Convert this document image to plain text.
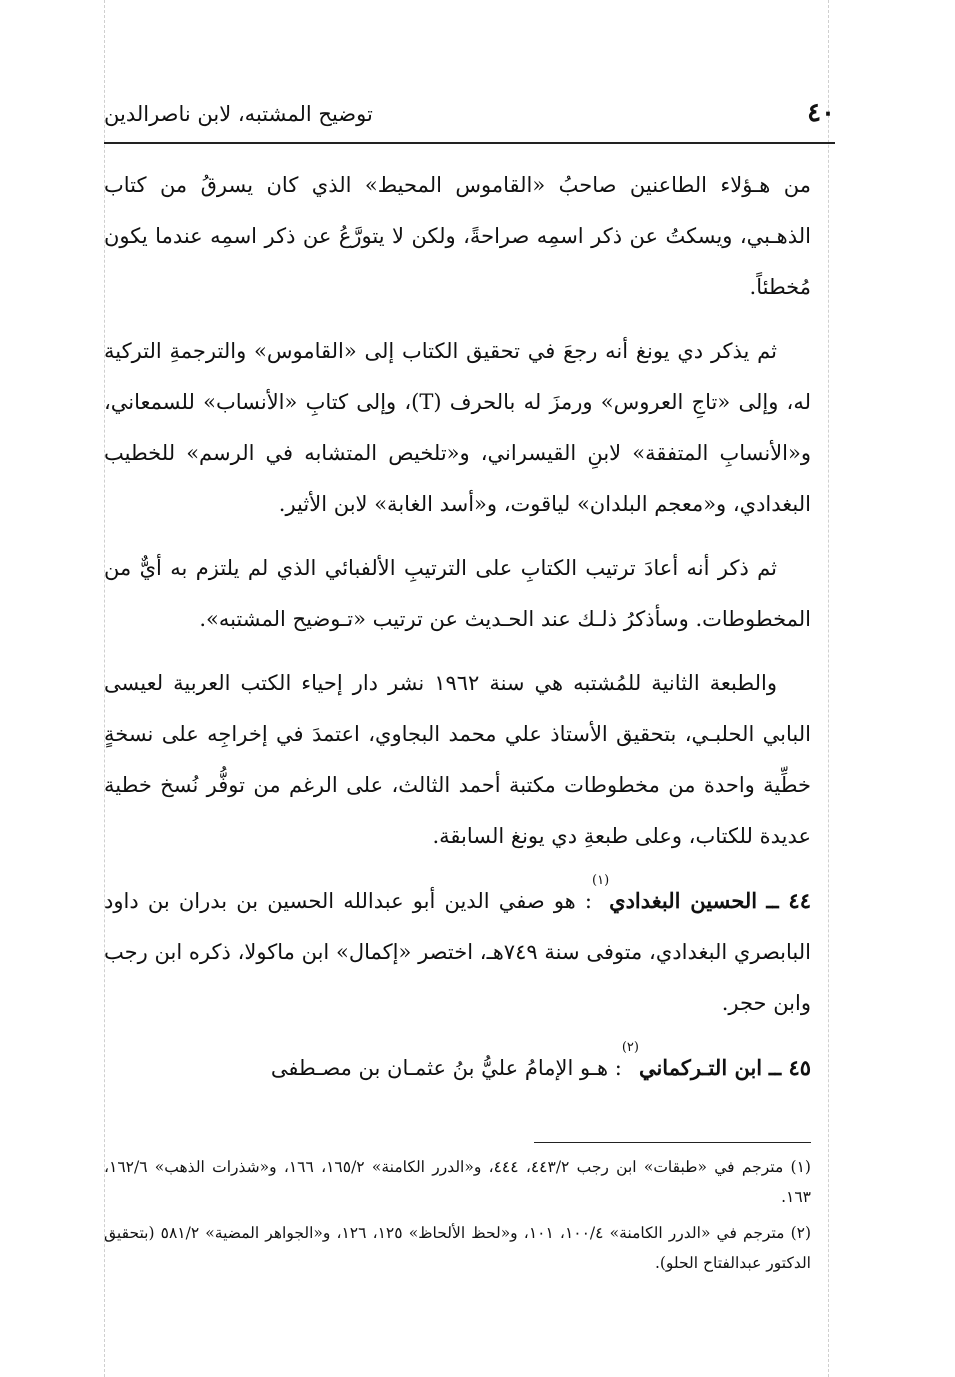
٤٠
توضيح المشتبه، لابن ناصرالدين

من هـؤلاء الطاعنين صاحبُ «القاموس المحيط» الذي كان يسرقُ من كتاب الذهـبي، ويسكتُ عن ذكر اسمِه صراحةً، ولكن لا يتورَّعُ عن ذكر اسمِه عندما يكون مُخطئاً.

ثم يذكر دي يونغ أنه رجعَ في تحقيق الكتاب إلى «القاموس» والترجمةِ التركية له، وإلى «تاجِ العروس» ورمزَ له بالحرف (T)، وإلى كتابِ «الأنساب» للسمعاني، و«الأنسابِ المتفقة» لابنِ القيسراني، و«تلخيص المتشابه في الرسم» للخطيب البغدادي، و«معجم البلدان» لياقوت، و«أسد الغابة» لابن الأثير.

ثم ذكر أنه أعادَ ترتيب الكتابِ على الترتيبِ الألفبائي الذي لم يلتزم به أيٌّ من المخطوطات. وسأذكرُ ذلـك عند الحـديث عن ترتيب «تـوضيح المشتبه».

والطبعة الثانية للمُشتبه هي سنة ١٩٦٢ نشر دار إحياء الكتب العربية لعيسى البابي الحلبـي، بتحقيق الأستاذ علي محمد البجاوي، اعتمدَ في إخراجِه على نسخةٍ خطِّية واحدة من مخطوطات مكتبة أحمد الثالث، على الرغم من توفُّر نُسخ خطية عديدة للكتاب، وعلى طبعةِ دي يونغ السابقة.

٤٤ ــ الحسين البغدادي$^{(١)}$: هو صفي الدين أبو عبدالله الحسين بن بدران بن داود البابصري البغدادي، متوفى سنة ٧٤٩هـ، اختصر «إكمال» ابن ماكولا، ذكره ابن رجب وابن حجر.

٤٥ ــ ابن التـركماني$^{(٢)}$: هـو الإمامُ عليُّ بنُ عثمـان بن مصـطفى

(١) مترجم في «طبقات» ابن رجب ٤٤٣/٢، ٤٤٤، و«الدرر الكامنة» ١٦٥/٢، ١٦٦، و«شذرات الذهب» ١٦٢/٦، ١٦٣.

(٢) مترجم في «الدرر الكامنة» ١٠٠/٤، ١٠١، و«لحظ الألحاظ» ١٢٥، ١٢٦، و«الجواهر المضية» ٥٨١/٢ (بتحقيق الدكتور عبدالفتاح الحلو).
